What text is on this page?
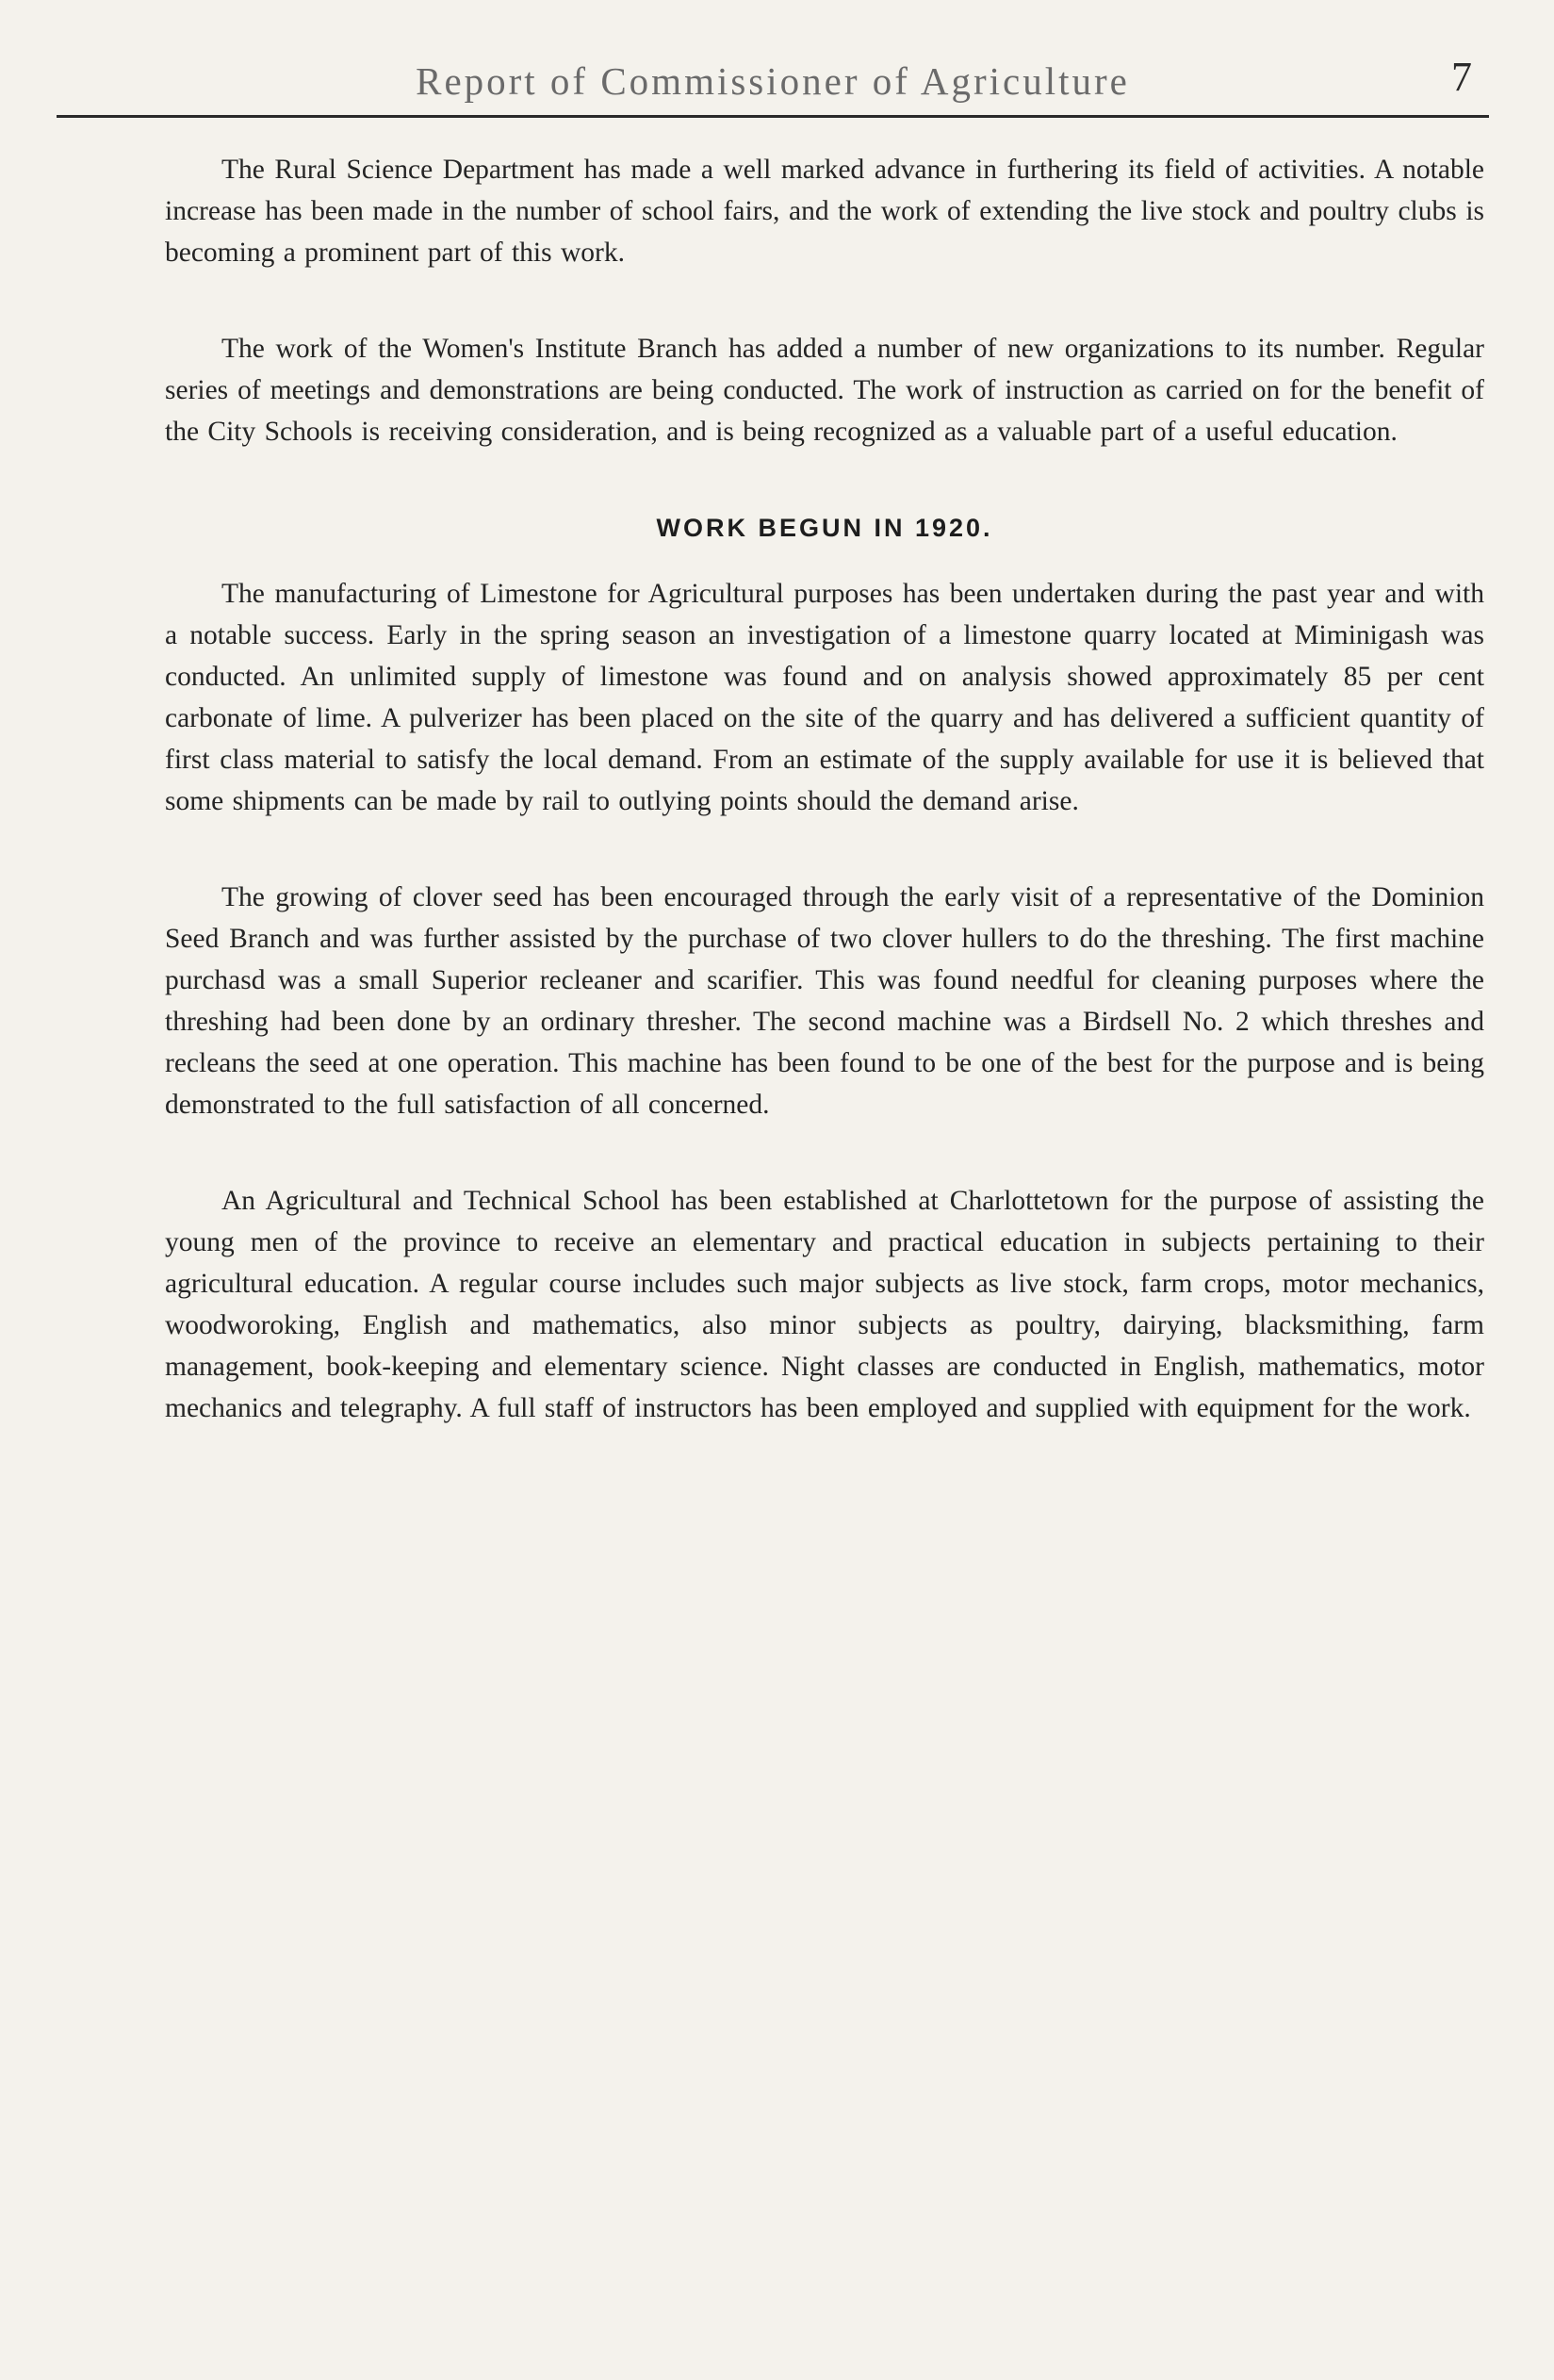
Report of Commissioner of Agriculture	7

The Rural Science Department has made a well marked advance in furthering its field of activities. A notable increase has been made in the number of school fairs, and the work of extending the live stock and poultry clubs is becoming a prominent part of this work.

The work of the Women's Institute Branch has added a number of new organizations to its number. Regular series of meetings and demonstrations are being conducted. The work of instruction as carried on for the benefit of the City Schools is receiving consideration, and is being recognized as a valuable part of a useful education.

WORK BEGUN IN 1920.

The manufacturing of Limestone for Agricultural purposes has been undertaken during the past year and with a notable success. Early in the spring season an investigation of a limestone quarry located at Miminigash was conducted. An unlimited supply of limestone was found and on analysis showed approximately 85 per cent carbonate of lime. A pulverizer has been placed on the site of the quarry and has delivered a sufficient quantity of first class material to satisfy the local demand. From an estimate of the supply available for use it is believed that some shipments can be made by rail to outlying points should the demand arise.

The growing of clover seed has been encouraged through the early visit of a representative of the Dominion Seed Branch and was further assisted by the purchase of two clover hullers to do the threshing. The first machine purchasd was a small Superior recleaner and scarifier. This was found needful for cleaning purposes where the threshing had been done by an ordinary thresher. The second machine was a Birdsell No. 2 which threshes and recleans the seed at one operation. This machine has been found to be one of the best for the purpose and is being demonstrated to the full satisfaction of all concerned.

An Agricultural and Technical School has been established at Charlottetown for the purpose of assisting the young men of the province to receive an elementary and practical education in subjects pertaining to their agricultural education. A regular course includes such major subjects as live stock, farm crops, motor mechanics, woodworoking, English and mathematics, also minor subjects as poultry, dairying, blacksmithing, farm management, book-keeping and elementary science. Night classes are conducted in English, mathematics, motor mechanics and telegraphy. A full staff of instructors has been employed and supplied with equipment for the work.
